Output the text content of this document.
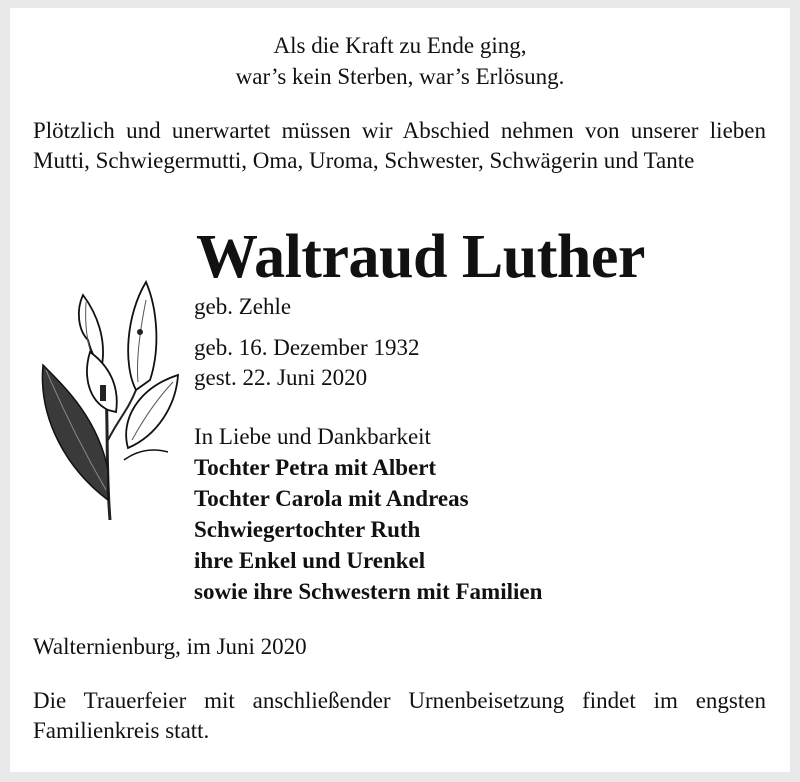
Als die Kraft zu Ende ging,
war’s kein Sterben, war’s Erlösung.
Plötzlich und unerwartet müssen wir Abschied nehmen von unserer lieben Mutti, Schwiegermutti, Oma, Uroma, Schwester, Schwägerin und Tante
Waltraud Luther
geb. Zehle
geb. 16. Dezember 1932
gest. 22. Juni 2020
In Liebe und Dankbarkeit
Tochter Petra mit Albert
Tochter Carola mit Andreas
Schwiegertochter Ruth
ihre Enkel und Urenkel
sowie ihre Schwestern mit Familien
Walternienburg, im Juni 2020
Die Trauerfeier mit anschließender Urnenbeisetzung findet im engsten Familienkreis statt.
